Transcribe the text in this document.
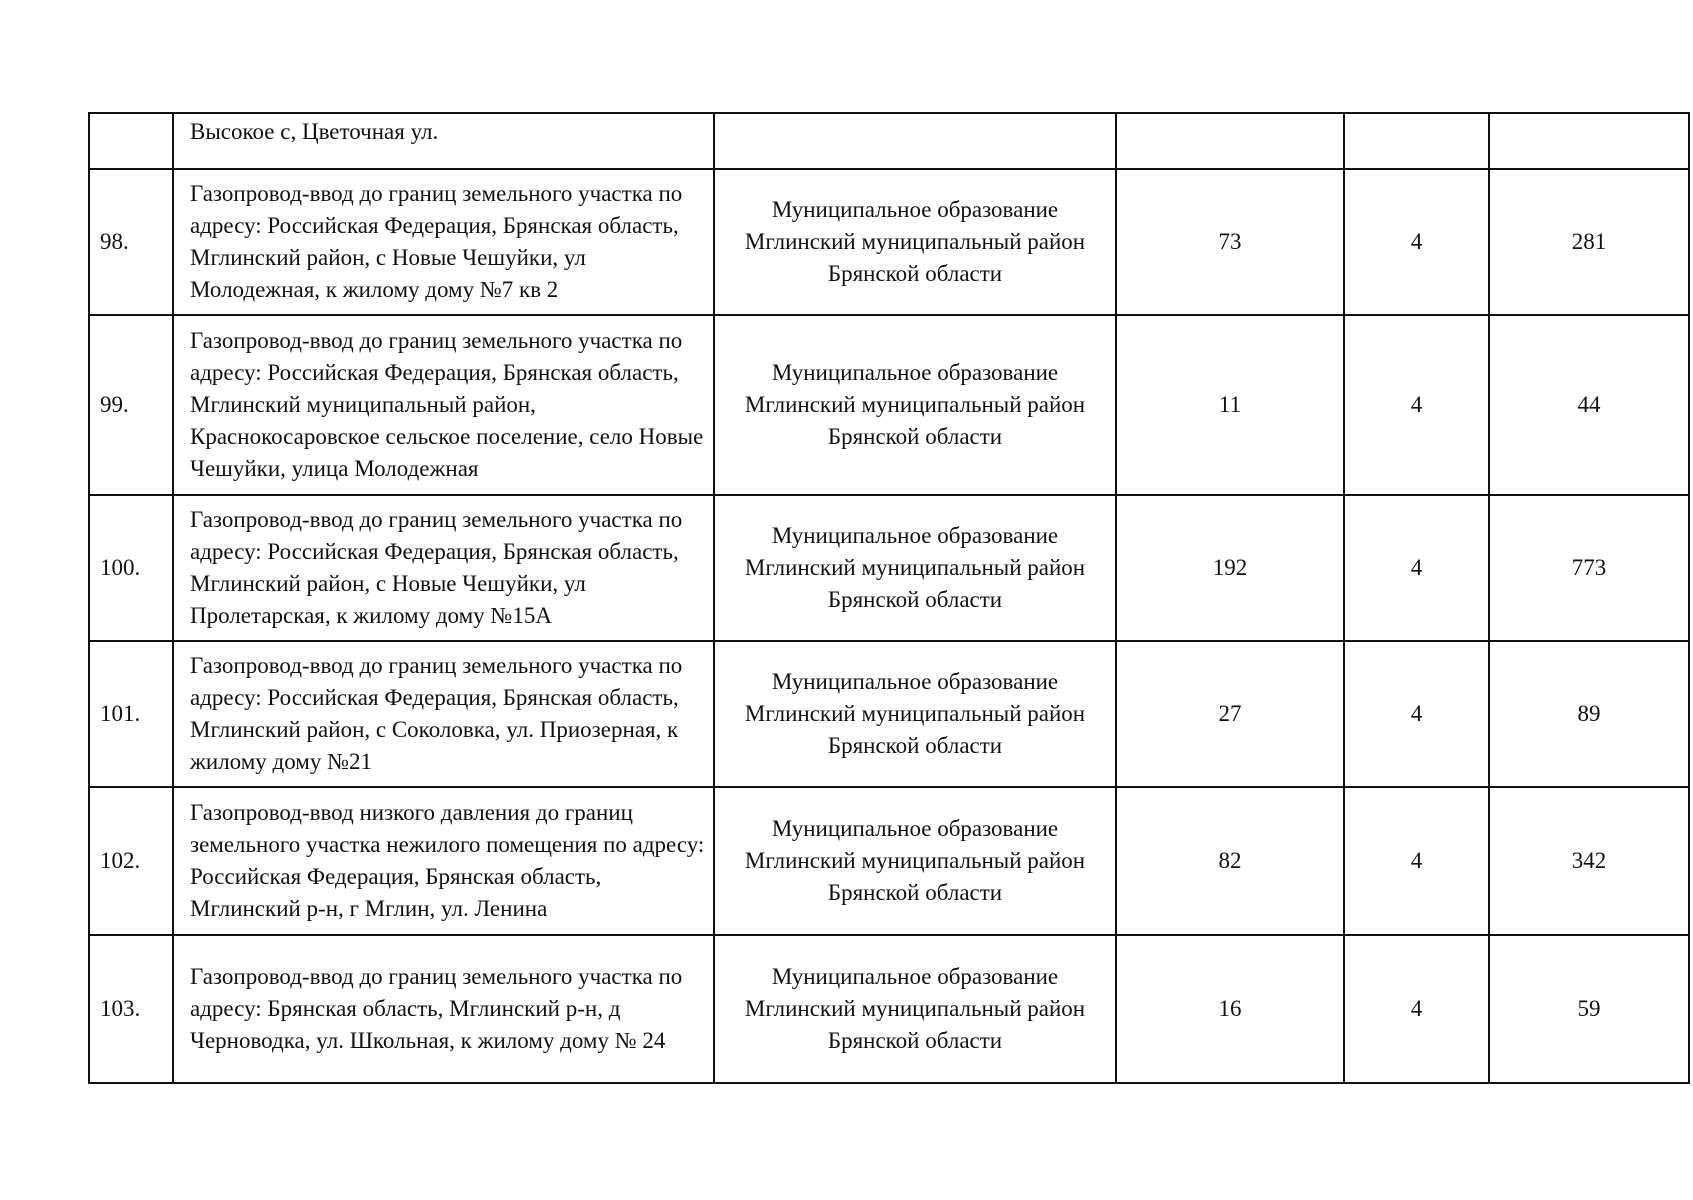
	Высокое с, Цветочная ул.				
98.	Газопровод-ввод до границ земельного участка по адресу: Российская Федерация, Брянская область, Мглинский район, с Новые Чешуйки, ул Молодежная, к жилому дому №7 кв 2	Муниципальное образование Мглинский муниципальный район Брянской области	73	4	281
99.	Газопровод-ввод до границ земельного участка по адресу: Российская Федерация, Брянская область, Мглинский муниципальный район, Краснокосаровское сельское поселение, село Новые Чешуйки, улица Молодежная	Муниципальное образование Мглинский муниципальный район Брянской области	11	4	44
100.	Газопровод-ввод до границ земельного участка по адресу: Российская Федерация, Брянская область, Мглинский район, с Новые Чешуйки, ул Пролетарская, к жилому дому №15А	Муниципальное образование Мглинский муниципальный район Брянской области	192	4	773
101.	Газопровод-ввод до границ земельного участка по адресу: Российская Федерация, Брянская область, Мглинский район, с Соколовка, ул. Приозерная, к жилому дому №21	Муниципальное образование Мглинский муниципальный район Брянской области	27	4	89
102.	Газопровод-ввод низкого давления до границ земельного участка нежилого помещения по адресу: Российская Федерация, Брянская область, Мглинский р-н, г Мглин, ул. Ленина	Муниципальное образование Мглинский муниципальный район Брянской области	82	4	342
103.	Газопровод-ввод до границ земельного участка по адресу: Брянская область, Мглинский р-н, д Черноводка, ул. Школьная, к жилому дому № 24	Муниципальное образование Мглинский муниципальный район Брянской области	16	4	59
